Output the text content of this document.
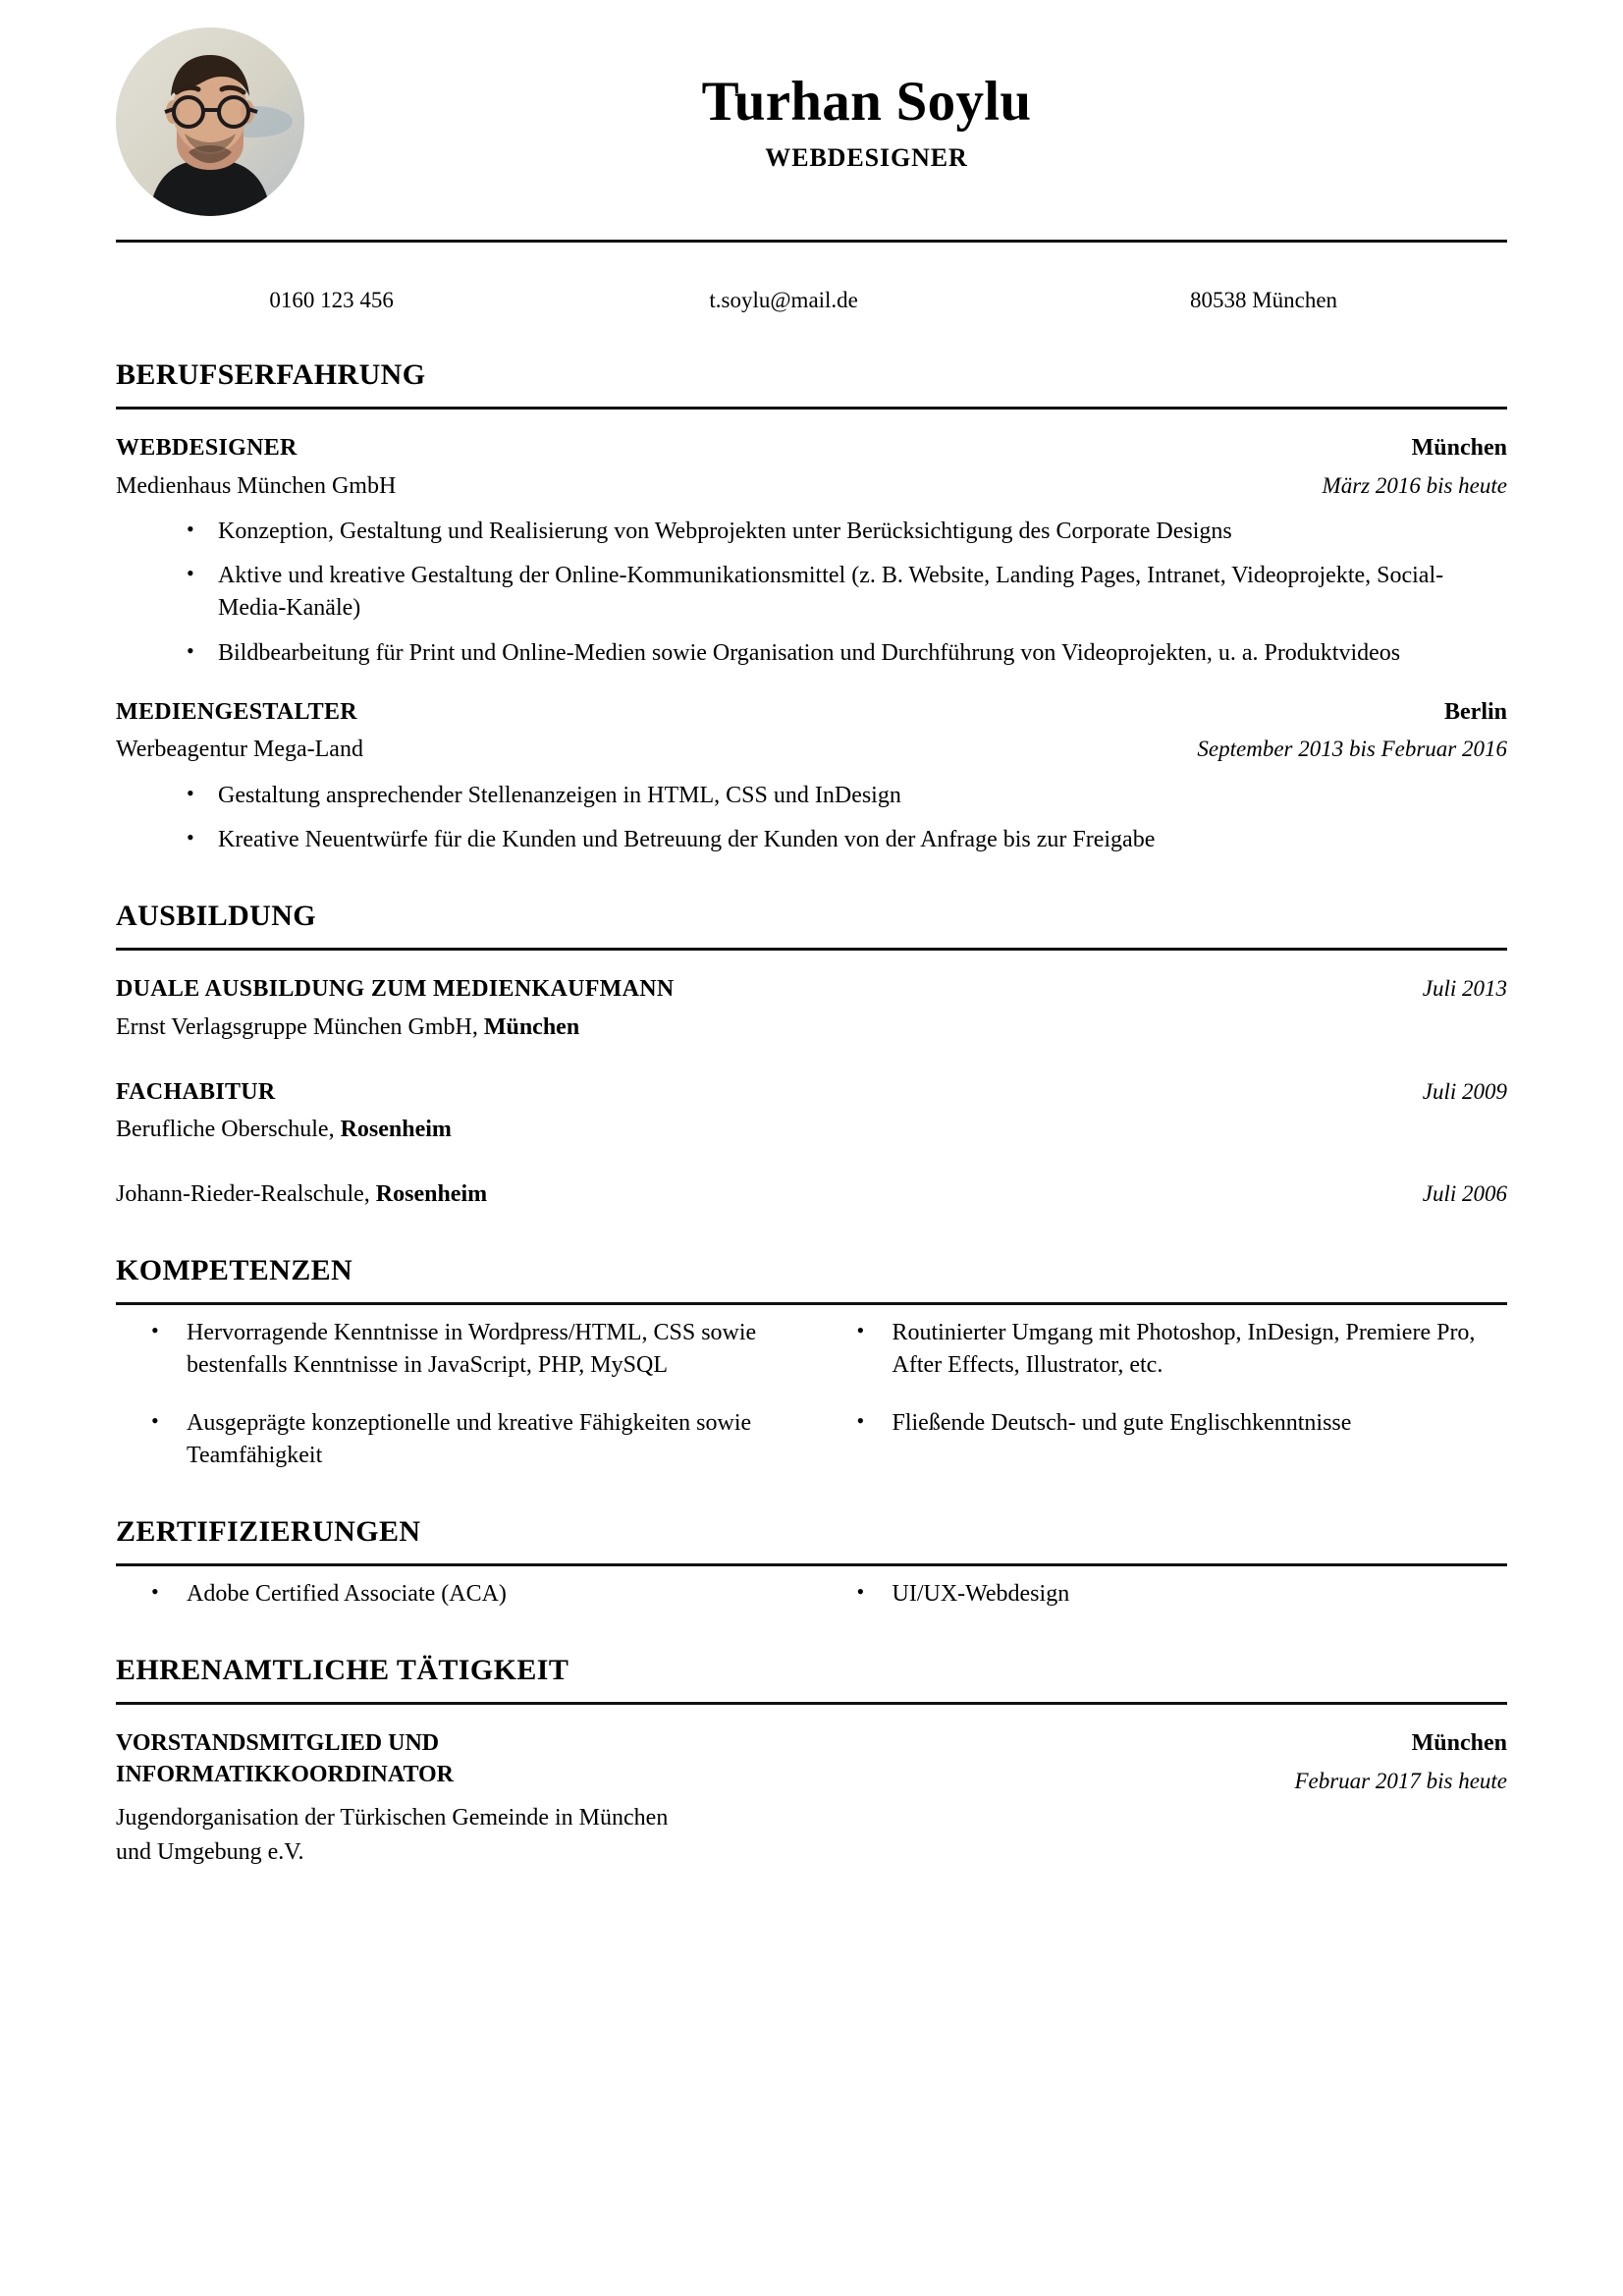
Turhan Soylu
WEBDESIGNER
0160 123 456	t.soylu@mail.de	80538 München
BERUFSERFAHRUNG
WEBDESIGNER	München
Medienhaus München GmbH	März 2016 bis heute
• Konzeption, Gestaltung und Realisierung von Webprojekten unter Berücksichtigung des Corporate Designs
• Aktive und kreative Gestaltung der Online-Kommunikationsmittel (z. B. Website, Landing Pages, Intranet, Videoprojekte, Social-Media-Kanäle)
• Bildbearbeitung für Print und Online-Medien sowie Organisation und Durchführung von Videoprojekten, u. a. Produktvideos
MEDIENGESTALTER	Berlin
Werbeagentur Mega-Land	September 2013 bis Februar 2016
• Gestaltung ansprechender Stellenanzeigen in HTML, CSS und InDesign
• Kreative Neuentwürfe für die Kunden und Betreuung der Kunden von der Anfrage bis zur Freigabe
AUSBILDUNG
DUALE AUSBILDUNG ZUM MEDIENKAUFMANN	Juli 2013
Ernst Verlagsgruppe München GmbH, München
FACHABITUR	Juli 2009
Berufliche Oberschule, Rosenheim
Johann-Rieder-Realschule, Rosenheim	Juli 2006
KOMPETENZEN
• Hervorragende Kenntnisse in Wordpress/HTML, CSS sowie bestenfalls Kenntnisse in JavaScript, PHP, MySQL
• Ausgeprägte konzeptionelle und kreative Fähigkeiten sowie Teamfähigkeit
• Routinierter Umgang mit Photoshop, InDesign, Premiere Pro, After Effects, Illustrator, etc.
• Fließende Deutsch- und gute Englischkenntnisse
ZERTIFIZIERUNGEN
• Adobe Certified Associate (ACA)	• UI/UX-Webdesign
EHRENAMTLICHE TÄTIGKEIT
VORSTANDSMITGLIED UND
INFORMATIKKOORDINATOR
München
Februar 2017 bis heute
Jugendorganisation der Türkischen Gemeinde in München
und Umgebung e.V.
